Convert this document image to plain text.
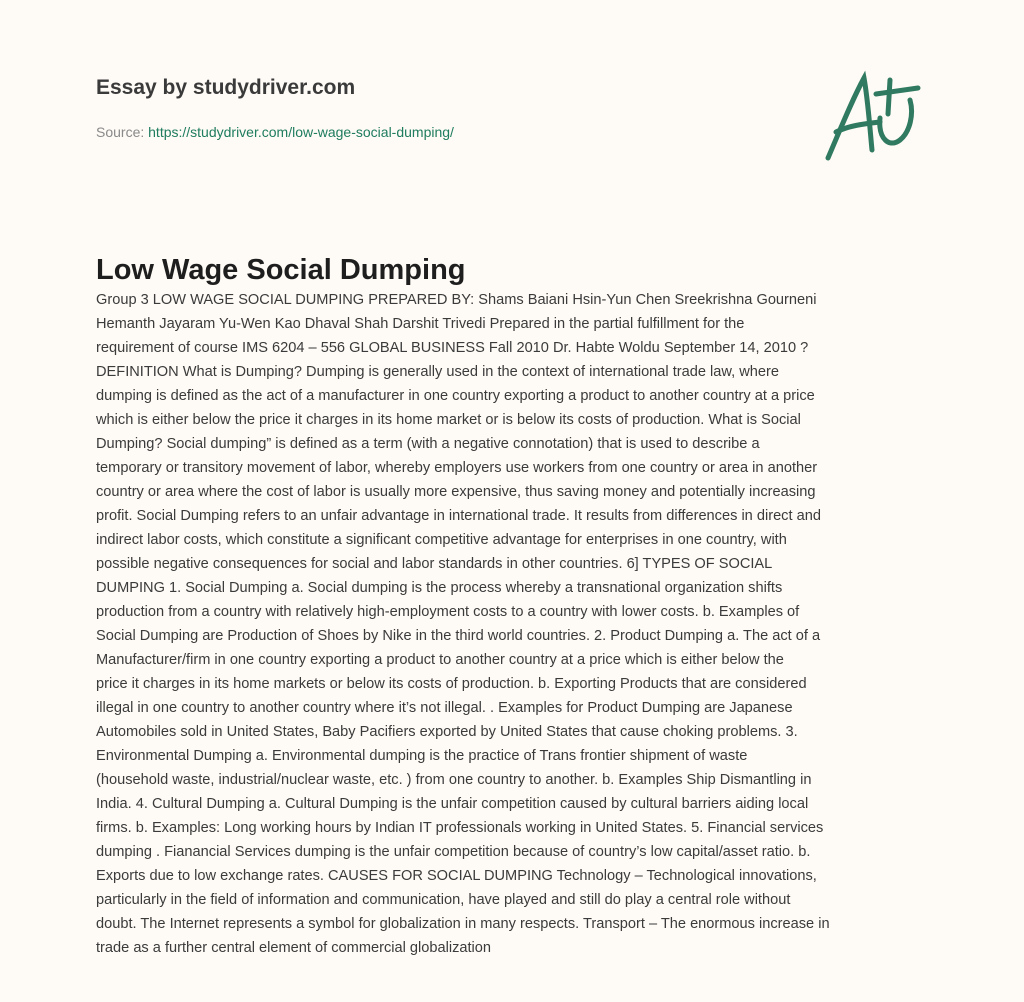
Essay by studydriver.com
Source: https://studydriver.com/low-wage-social-dumping/
Low Wage Social Dumping
Group 3 LOW WAGE SOCIAL DUMPING PREPARED BY: Shams Baiani Hsin-Yun Chen Sreekrishna Gourneni
Hemanth Jayaram Yu-Wen Kao Dhaval Shah Darshit Trivedi Prepared in the partial fulfillment for the
requirement of course IMS 6204 – 556 GLOBAL BUSINESS Fall 2010 Dr. Habte Woldu September 14, 2010 ?
DEFINITION What is Dumping? Dumping is generally used in the context of international trade law, where
dumping is defined as the act of a manufacturer in one country exporting a product to another country at a price
which is either below the price it charges in its home market or is below its costs of production. What is Social
Dumping? Social dumping” is defined as a term (with a negative connotation) that is used to describe a
temporary or transitory movement of labor, whereby employers use workers from one country or area in another
country or area where the cost of labor is usually more expensive, thus saving money and potentially increasing
profit. Social Dumping refers to an unfair advantage in international trade. It results from differences in direct and
indirect labor costs, which constitute a significant competitive advantage for enterprises in one country, with
possible negative consequences for social and labor standards in other countries. 6] TYPES OF SOCIAL
DUMPING 1. Social Dumping a. Social dumping is the process whereby a transnational organization shifts
production from a country with relatively high-employment costs to a country with lower costs. b. Examples of
Social Dumping are Production of Shoes by Nike in the third world countries. 2. Product Dumping a. The act of a
Manufacturer/firm in one country exporting a product to another country at a price which is either below the
price it charges in its home markets or below its costs of production. b. Exporting Products that are considered
illegal in one country to another country where it’s not illegal. . Examples for Product Dumping are Japanese
Automobiles sold in United States, Baby Pacifiers exported by United States that cause choking problems. 3.
Environmental Dumping a. Environmental dumping is the practice of Trans frontier shipment of waste
(household waste, industrial/nuclear waste, etc. ) from one country to another. b. Examples Ship Dismantling in
India. 4. Cultural Dumping a. Cultural Dumping is the unfair competition caused by cultural barriers aiding local
firms. b. Examples: Long working hours by Indian IT professionals working in United States. 5. Financial services
dumping . Fianancial Services dumping is the unfair competition because of country’s low capital/asset ratio. b.
Exports due to low exchange rates. CAUSES FOR SOCIAL DUMPING Technology – Technological innovations,
particularly in the field of information and communication, have played and still do play a central role without
doubt. The Internet represents a symbol for globalization in many respects. Transport – The enormous increase in
trade as a further central element of commercial globalization
